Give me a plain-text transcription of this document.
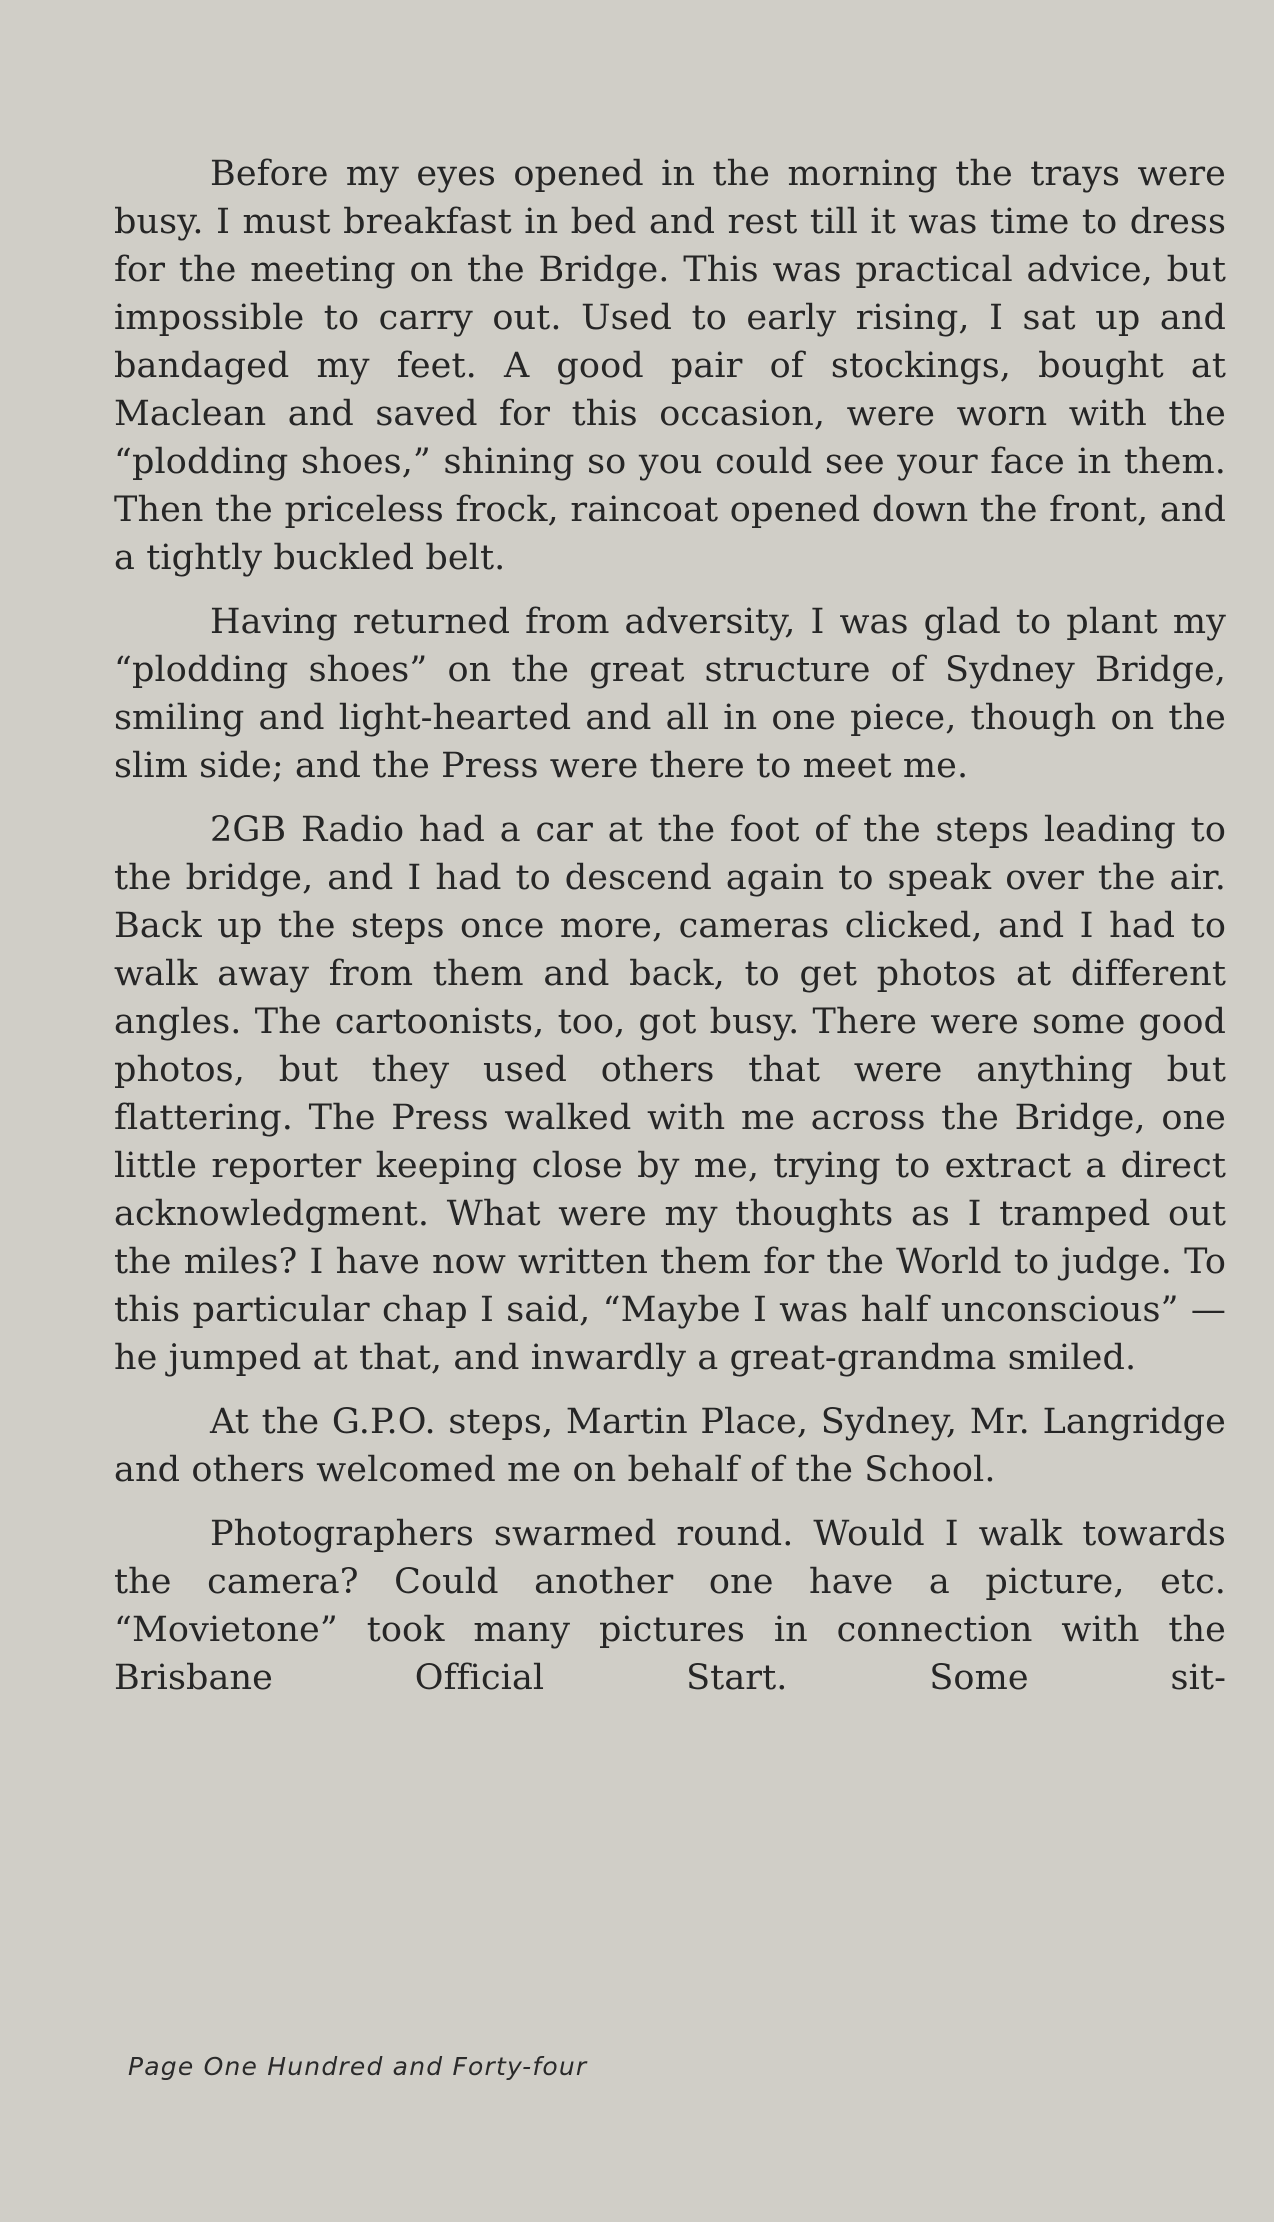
Before my eyes opened in the morning the trays were busy. I must breakfast in bed and rest till it was time to dress for the meeting on the Bridge. This was practical advice, but impossible to carry out. Used to early rising, I sat up and bandaged my feet. A good pair of stockings, bought at Maclean and saved for this occasion, were worn with the “plodding shoes,” shining so you could see your face in them. Then the priceless frock, raincoat opened down the front, and a tightly buckled belt.

Having returned from adversity, I was glad to plant my “plodding shoes” on the great structure of Sydney Bridge, smiling and light-hearted and all in one piece, though on the slim side; and the Press were there to meet me.

2GB Radio had a car at the foot of the steps leading to the bridge, and I had to descend again to speak over the air. Back up the steps once more, cameras clicked, and I had to walk away from them and back, to get photos at different angles. The cartoonists, too, got busy. There were some good photos, but they used others that were anything but flattering. The Press walked with me across the Bridge, one little reporter keeping close by me, trying to extract a direct acknowledgment. What were my thoughts as I tramped out the miles? I have now written them for the World to judge. To this particular chap I said, “Maybe I was half unconscious” —he jumped at that, and inwardly a great-grandma smiled.

At the G.P.O. steps, Martin Place, Sydney, Mr. Langridge and others welcomed me on behalf of the School.

Photographers swarmed round. Would I walk towards the camera? Could another one have a picture, etc. “Movietone” took many pictures in connection with the Brisbane Official Start. Some sit-

Page One Hundred and Forty-four
